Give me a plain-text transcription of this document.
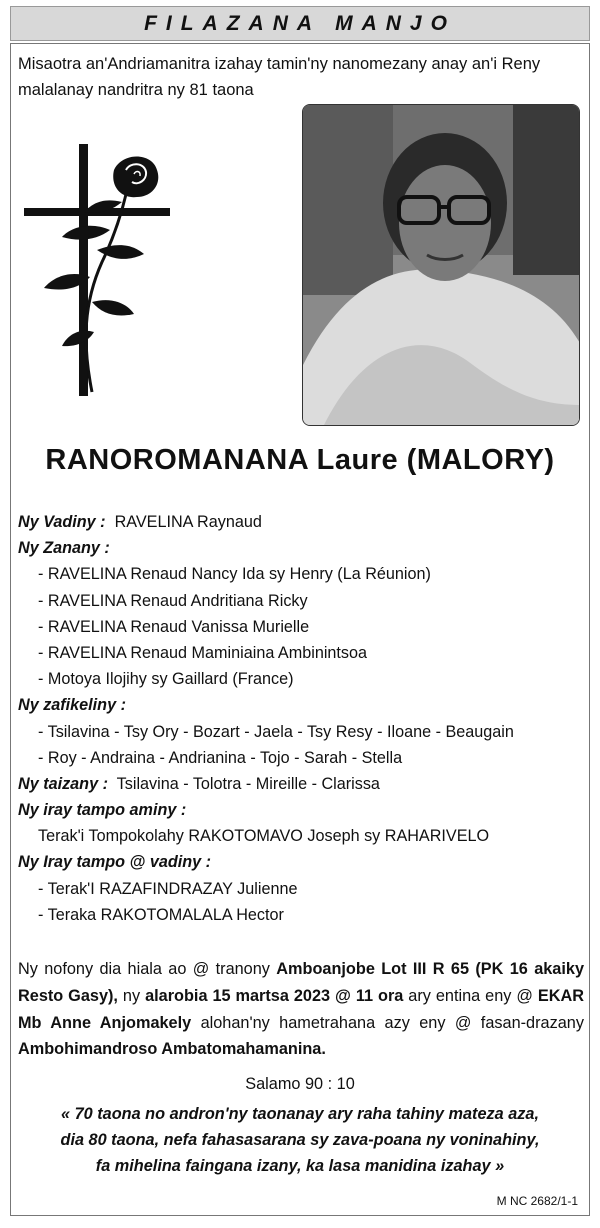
FILAZANA MANJO
Misaotra an'Andriamanitra izahay tamin'ny nanomezany anay an'i Reny malalanay nandritra ny 81 taona
RANOROMANANA Laure (MALORY)
Ny Vadiny : RAVELINA Raynaud
Ny Zanany :
- RAVELINA Renaud Nancy Ida sy Henry (La Réunion)
- RAVELINA Renaud Andritiana Ricky
- RAVELINA Renaud Vanissa Murielle
- RAVELINA Renaud Maminiaina Ambinintsoa
- Motoya Ilojihy sy Gaillard (France)
Ny zafikeliny :
- Tsilavina - Tsy Ory - Bozart - Jaela - Tsy Resy - Iloane - Beaugain
- Roy - Andraina - Andrianina - Tojo - Sarah - Stella
Ny taizany : Tsilavina - Tolotra - Mireille - Clarissa
Ny iray tampo aminy :
Terak'i Tompokolahy RAKOTOMAVO Joseph sy RAHARIVELO
Ny Iray tampo @ vadiny :
- Terak'I RAZAFINDRAZAY Julienne
- Teraka RAKOTOMALALA Hector
Ny nofony dia hiala ao @ tranony Amboanjobe Lot III R 65 (PK 16 akaiky Resto Gasy), ny alarobia 15 martsa 2023 @ 11 ora ary entina eny @ EKAR Mb Anne Anjomakely alohan'ny hametrahana azy eny @ fasan-drazany Ambohimandroso Ambatomahamanina.
Salamo 90 : 10
« 70 taona no andron'ny taonanay ary raha tahiny mateza aza,
dia 80 taona, nefa fahasasarana sy zava-poana ny voninahiny,
fa mihelina faingana izany, ka lasa manidina izahay »
M NC 2682/1-1
